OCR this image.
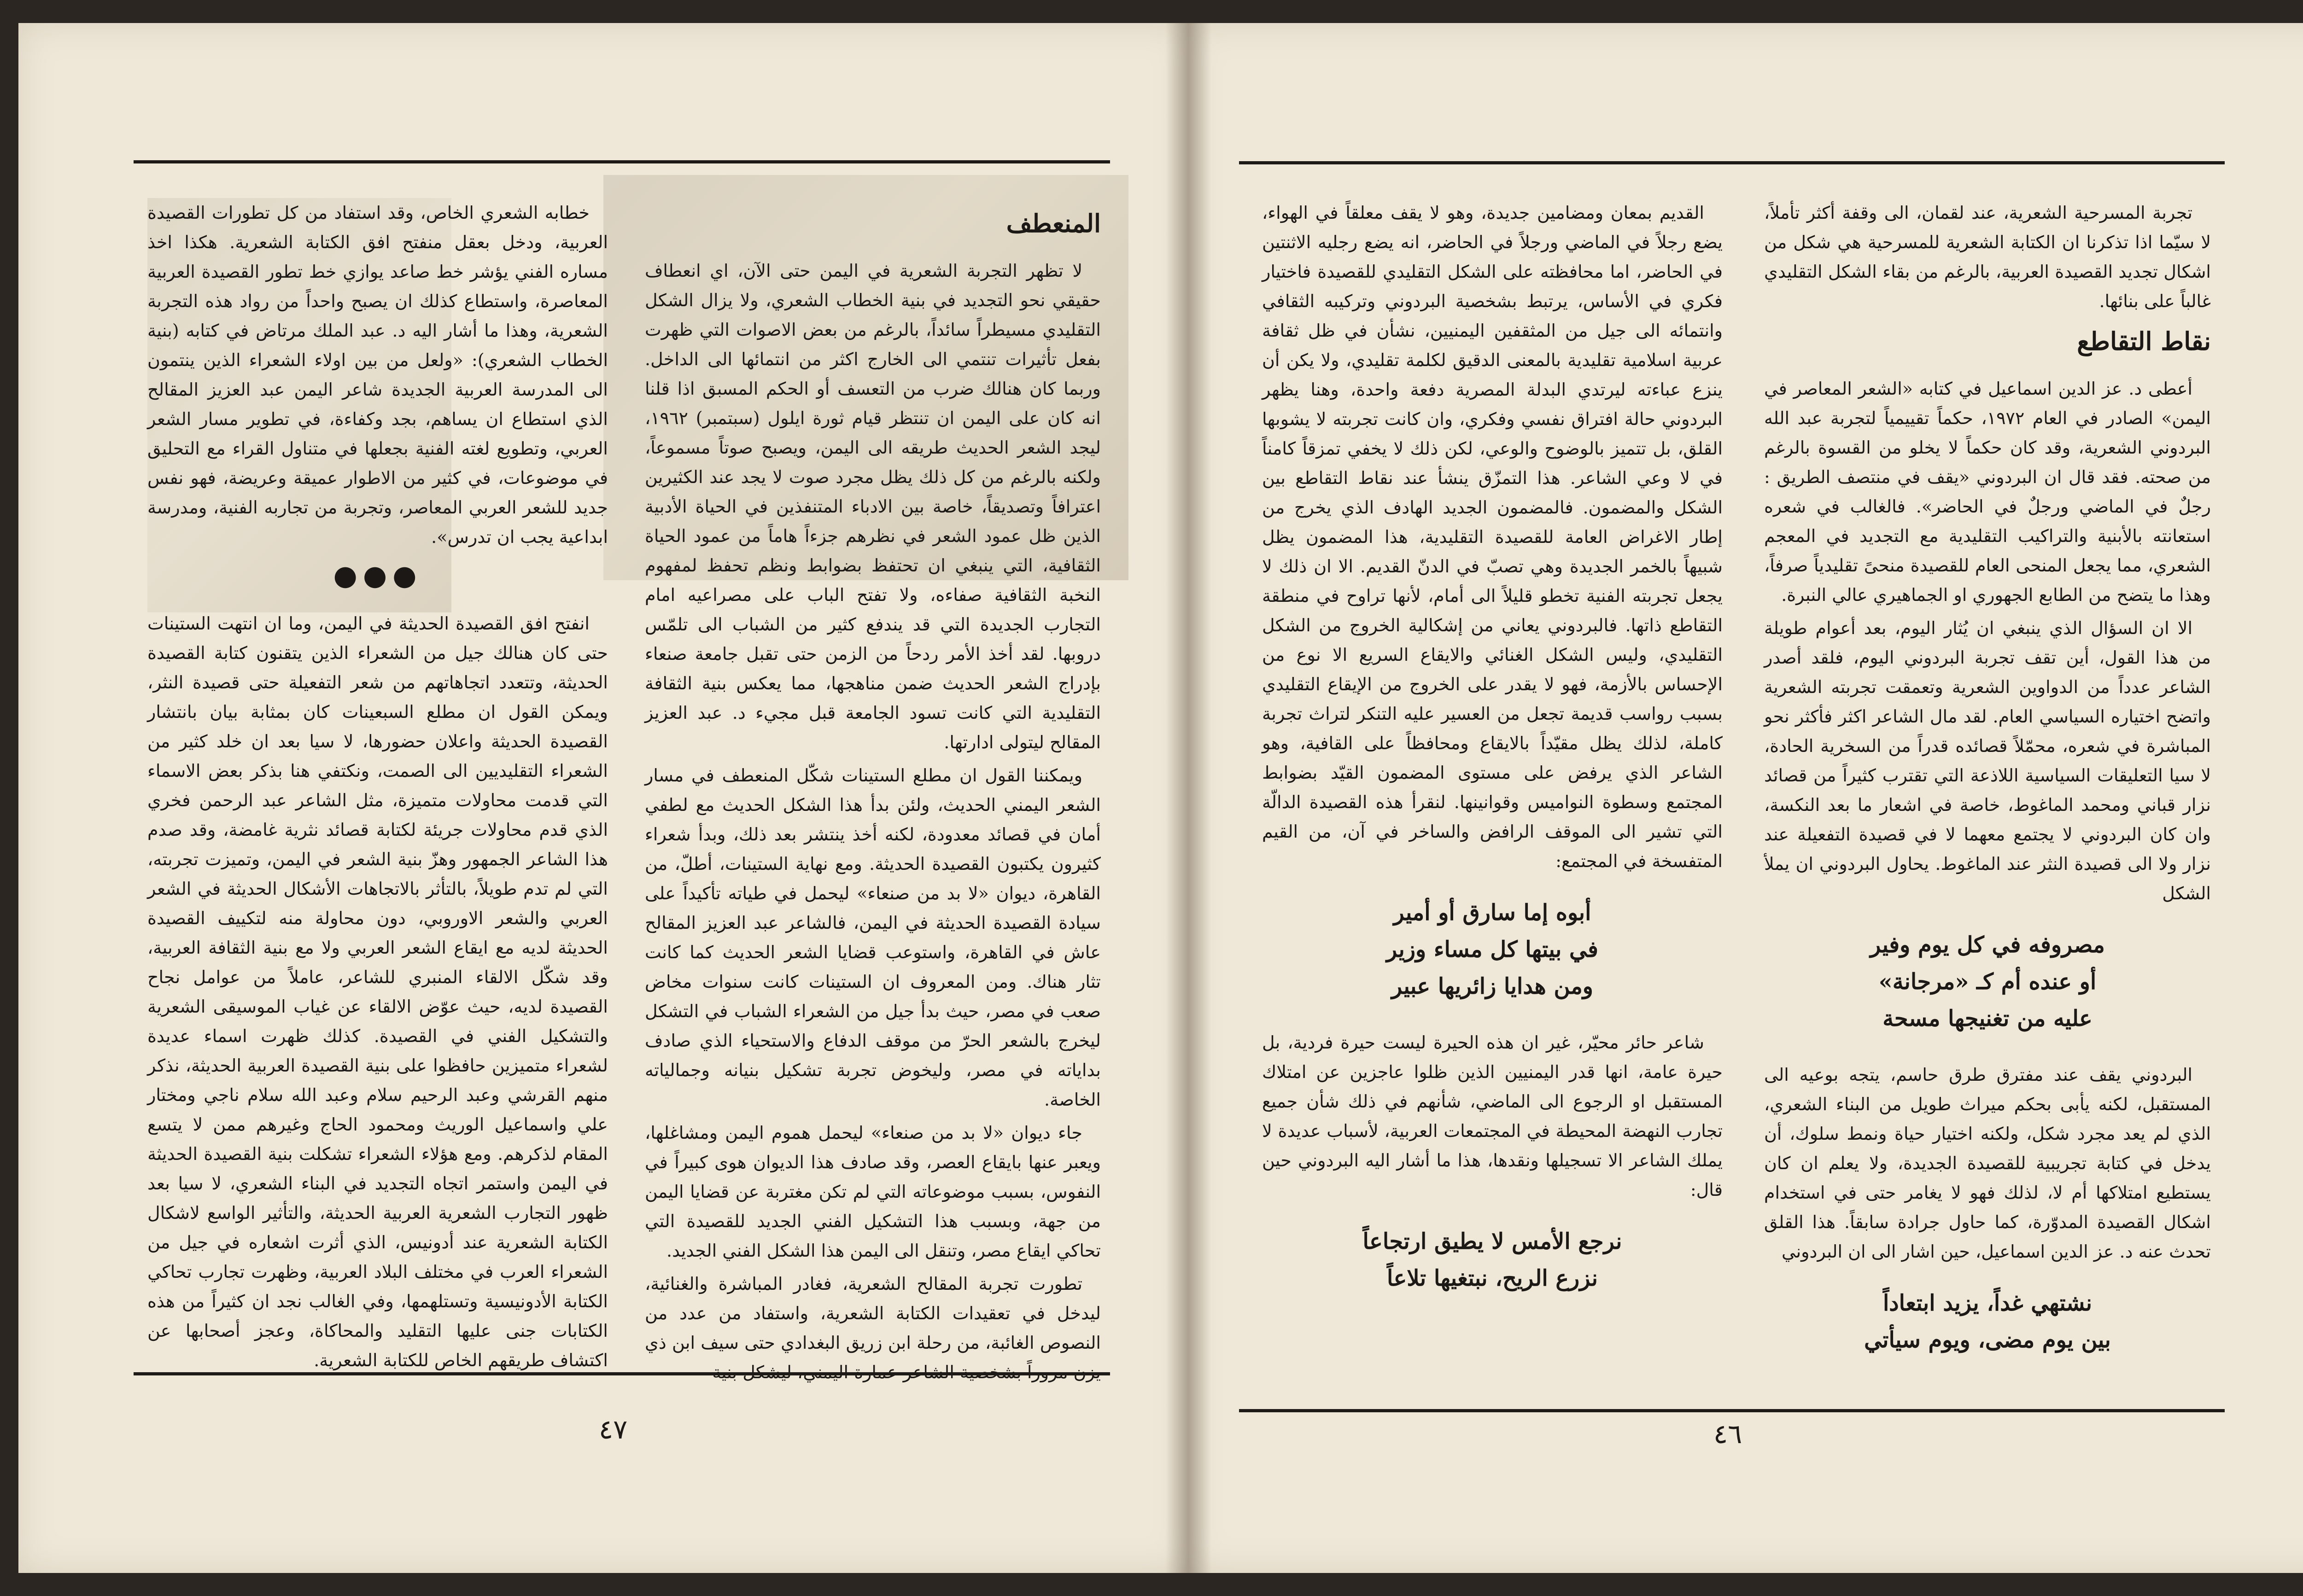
المنعطف

لا تظهر التجربة الشعرية في اليمن حتى الآن، اي انعطاف حقيقي نحو التجديد في بنية الخطاب الشعري، ولا يزال الشكل التقليدي مسيطراً سائداً، بالرغم من بعض الاصوات التي ظهرت بفعل تأثيرات تنتمي الى الخارج اكثر من انتمائها الى الداخل. وربما كان هنالك ضرب من التعسف أو الحكم المسبق اذا قلنا انه كان على اليمن ان تنتظر قيام ثورة ايلول (سبتمبر) ١٩٦٢، ليجد الشعر الحديث طريقه الى اليمن، ويصبح صوتاً مسموعاً، ولكنه بالرغم من كل ذلك يظل مجرد صوت لا يجد عند الكثيرين اعترافاً وتصديقاً، خاصة بين الادباء المتنفذين في الحياة الأدبية الذين ظل عمود الشعر في نظرهم جزءاً هاماً من عمود الحياة الثقافية، التي ينبغي ان تحتفظ بضوابط ونظم تحفظ لمفهوم النخبة الثقافية صفاءه، ولا تفتح الباب على مصراعيه امام التجارب الجديدة التي قد يندفع كثير من الشباب الى تلمّس دروبها. لقد أخذ الأمر ردحاً من الزمن حتى تقبل جامعة صنعاء بإدراج الشعر الحديث ضمن مناهجها، مما يعكس بنية الثقافة التقليدية التي كانت تسود الجامعة قبل مجيء د. عبد العزيز المقالح ليتولى ادارتها.

ويمكننا القول ان مطلع الستينات شكّل المنعطف في مسار الشعر اليمني الحديث، ولئن بدأ هذا الشكل الحديث مع لطفي أمان في قصائد معدودة، لكنه أخذ ينتشر بعد ذلك، وبدأ شعراء كثيرون يكتبون القصيدة الحديثة. ومع نهاية الستينات، أطلّ، من القاهرة، ديوان «لا بد من صنعاء» ليحمل في طياته تأكيداً على سيادة القصيدة الحديثة في اليمن، فالشاعر عبد العزيز المقالح عاش في القاهرة، واستوعب قضايا الشعر الحديث كما كانت تثار هناك. ومن المعروف ان الستينات كانت سنوات مخاض صعب في مصر، حيث بدأ جيل من الشعراء الشباب في التشكل ليخرج بالشعر الحرّ من موقف الدفاع والاستحياء الذي صادف بداياته في مصر، وليخوض تجربة تشكيل بنيانه وجمالياته الخاصة.

جاء ديوان «لا بد من صنعاء» ليحمل هموم اليمن ومشاغلها، ويعبر عنها بايقاع العصر، وقد صادف هذا الديوان هوى كبيراً في النفوس، بسبب موضوعاته التي لم تكن مغتربة عن قضايا اليمن من جهة، وبسبب هذا التشكيل الفني الجديد للقصيدة التي تحاكي ايقاع مصر، وتنقل الى اليمن هذا الشكل الفني الجديد.

تطورت تجربة المقالح الشعرية، فغادر المباشرة والغنائية، ليدخل في تعقيدات الكتابة الشعرية، واستفاد من عدد من النصوص الغائبة، من رحلة ابن زريق البغدادي حتى سيف ابن ذي

خطابه الشعري الخاص، وقد استفاد من كل تطورات القصيدة العربية، ودخل بعقل منفتح افق الكتابة الشعرية. هكذا اخذ مساره الفني يؤشر خط صاعد يوازي خط تطور القصيدة العربية المعاصرة، واستطاع كذلك ان يصبح واحداً من رواد هذه التجربة الشعرية، وهذا ما أشار اليه د. عبد الملك مرتاض في كتابه (بنية الخطاب الشعري): «ولعل من بين اولاء الشعراء الذين ينتمون الى المدرسة العربية الجديدة شاعر اليمن عبد العزيز المقالح الذي استطاع ان يساهم، بجد وكفاءة، في تطوير مسار الشعر العربي، وتطويع لغته الفنية بجعلها في متناول القراء مع التحليق في موضوعات، في كثير من الاطوار عميقة وعريضة، فهو نفس جديد للشعر العربي المعاصر، وتجربة من تجاربه الفنية، ومدرسة ابداعية يجب ان تدرس».

●●●

انفتح افق القصيدة الحديثة في اليمن، وما ان انتهت الستينات حتى كان هنالك جيل من الشعراء الذين يتقنون كتابة القصيدة الحديثة، وتتعدد اتجاهاتهم من شعر التفعيلة حتى قصيدة النثر، ويمكن القول ان مطلع السبعينات كان بمثابة بيان بانتشار القصيدة الحديثة واعلان حضورها، لا سيا بعد ان خلد كثير من الشعراء التقليديين الى الصمت، ونكتفي هنا بذكر بعض الاسماء التي قدمت محاولات متميزة، مثل الشاعر عبد الرحمن فخري الذي قدم محاولات جريئة لكتابة قصائد نثرية غامضة، وقد صدم هذا الشاعر الجمهور وهزّ بنية الشعر في اليمن، وتميزت تجربته، التي لم تدم طويلاً، بالتأثر بالاتجاهات الأشكال الحديثة في الشعر العربي والشعر الاوروبي، دون محاولة منه لتكييف القصيدة الحديثة لديه مع ايقاع الشعر العربي ولا مع بنية الثقافة العربية، وقد شكّل الالقاء المنبري للشاعر، عاملاً من عوامل نجاح القصيدة لديه، حيث عوّض الالقاء عن غياب الموسيقى الشعرية والتشكيل الفني في القصيدة. كذلك ظهرت اسماء عديدة لشعراء متميزين حافظوا على بنية القصيدة العربية الحديثة، نذكر منهم القرشي وعبد الرحيم سلام وعبد الله سلام ناجي ومختار علي واسماعيل الوريث ومحمود الحاج وغيرهم ممن لا يتسع المقام لذكرهم. ومع هؤلاء الشعراء تشكلت بنية القصيدة الحديثة في اليمن واستمر اتجاه التجديد في البناء الشعري، لا سيا بعد ظهور التجارب الشعرية العربية الحديثة، والتأثير الواسع لاشكال الكتابة الشعرية عند أدونيس، الذي أثرت اشعاره في جيل من الشعراء العرب في مختلف البلاد العربية، وظهرت تجارب تحاكي الكتابة الأدونيسية وتستلهمها، وفي الغالب نجد ان كثيراً من هذه الكتابات جنى عليها التقليد والمحاكاة، وعجز أصحابها عن اكتشاف طريقهم الخاص للكتابة الشعرية.

٤٧

تجربة المسرحية الشعرية، عند لقمان، الى وقفة أكثر تأملاً، لا سيّما اذا تذكرنا ان الكتابة الشعرية للمسرحية هي شكل من اشكال تجديد القصيدة العربية، بالرغم من بقاء الشكل التقليدي غالباً على بنائها.

نقاط التقاطع

أعطى د. عز الدين اسماعيل في كتابه «الشعر المعاصر في اليمن» الصادر في العام ١٩٧٢، حكماً تقييمياً لتجربة عبد الله البردوني الشعرية، وقد كان حكماً لا يخلو من القسوة بالرغم من صحته. فقد قال ان البردوني «يقف في منتصف الطريق : رجلٌ في الماضي ورجلٌ في الحاضر». فالغالب في شعره استعانته بالأبنية والتراكيب التقليدية مع التجديد في المعجم الشعري، مما يجعل المنحى العام للقصيدة منحىً تقليدياً صرفاً، وهذا ما يتضح من الطابع الجهوري او الجماهيري عالي النبرة.

الا ان السؤال الذي ينبغي ان يُثار اليوم، بعد أعوام طويلة من هذا القول، أين تقف تجربة البردوني اليوم، فلقد أصدر الشاعر عدداً من الدواوين الشعرية وتعمقت تجربته الشعرية واتضح اختياره السياسي العام. لقد مال الشاعر اكثر فأكثر نحو المباشرة في شعره، محمّلاً قصائده قدراً من السخرية الحادة، لا سيا التعليقات السياسية اللاذعة التي تقترب كثيراً من قصائد نزار قباني ومحمد الماغوط، خاصة في اشعار ما بعد النكسة، وان كان البردوني لا يجتمع معهما لا في قصيدة التفعيلة عند نزار ولا الى قصيدة النثر عند الماغوط. يحاول البردوني ان يملأ الشكل

مصروفه في كل يوم وفير
أو عنده أم كـ «مرجانة»
عليه من تغنيجها مسحة

البردوني يقف عند مفترق طرق حاسم، يتجه بوعيه الى المستقبل، لكنه يأبى بحكم ميراث طويل من البناء الشعري، الذي لم يعد مجرد شكل، ولكنه اختيار حياة ونمط سلوك، أن يدخل في كتابة تجريبية للقصيدة الجديدة، ولا يعلم ان كان يستطيع امتلاكها أم لا، لذلك فهو لا يغامر حتى في استخدام اشكال القصيدة المدوّرة، كما حاول جرادة سابقاً. هذا القلق تحدث عنه د. عز الدين اسماعيل، حين اشار الى ان البردوني

نشتهي غداً، يزيد ابتعاداً
بين يوم مضى، ويوم سيأتي

القديم بمعان ومضامين جديدة، وهو لا يقف معلقاً في الهواء، يضع رجلاً في الماضي ورجلاً في الحاضر، انه يضع رجليه الاثنتين في الحاضر، اما محافظته على الشكل التقليدي للقصيدة فاختيار فكري في الأساس، يرتبط بشخصية البردوني وتركيبه الثقافي وانتمائه الى جيل من المثقفين اليمنيين، نشأن في ظل ثقافة عربية اسلامية تقليدية بالمعنى الدقيق لكلمة تقليدي، ولا يكن أن ينزع عباءته ليرتدي البدلة المصرية دفعة واحدة، وهنا يظهر البردوني حالة افتراق نفسي وفكري، وان كانت تجربته لا يشوبها القلق، بل تتميز بالوضوح والوعي، لكن ذلك لا يخفي تمزقاً كامناً في لا وعي الشاعر. هذا التمزّق ينشأ عند نقاط التقاطع بين الشكل والمضمون. فالمضمون الجديد الهادف الذي يخرج من إطار الاغراض العامة للقصيدة التقليدية، هذا المضمون يظل شبيهاً بالخمر الجديدة وهي تصبّ في الدنّ القديم. الا ان ذلك لا يجعل تجربته الفنية تخطو قليلاً الى أمام، لأنها تراوح في منطقة التقاطع ذاتها. فالبردوني يعاني من إشكالية الخروج من الشكل التقليدي، وليس الشكل الغنائي والايقاع السريع الا نوع من الإحساس بالأزمة، فهو لا يقدر على الخروج من الإيقاع التقليدي بسبب رواسب قديمة تجعل من العسير عليه التنكر لتراث تجربة كاملة، لذلك يظل مقيّداً بالايقاع ومحافظاً على القافية، وهو الشاعر الذي يرفض على مستوى المضمون القيّد بضوابط المجتمع وسطوة النواميس وقوانينها. لنقرأ هذه القصيدة الدالّة التي تشير الى الموقف الرافض والساخر في آن، من القيم المتفسخة في المجتمع:

أبوه إما سارق أو أمير
في بيتها كل مساء وزير
ومن هدايا زائريها عبير

شاعر حائر محيّر، غير ان هذه الحيرة ليست حيرة فردية، بل حيرة عامة، انها قدر اليمنيين الذين ظلوا عاجزين عن امتلاك المستقبل او الرجوع الى الماضي، شأنهم في ذلك شأن جميع تجارب النهضة المحيطة في المجتمعات العربية، لأسباب عديدة لا يملك الشاعر الا تسجيلها ونقدها، هذا ما أشار اليه البردوني حين قال:

نرجع الأمس لا يطيق ارتجاعاً
نزرع الريح، نبتغيها تلاعاً
٤٦
